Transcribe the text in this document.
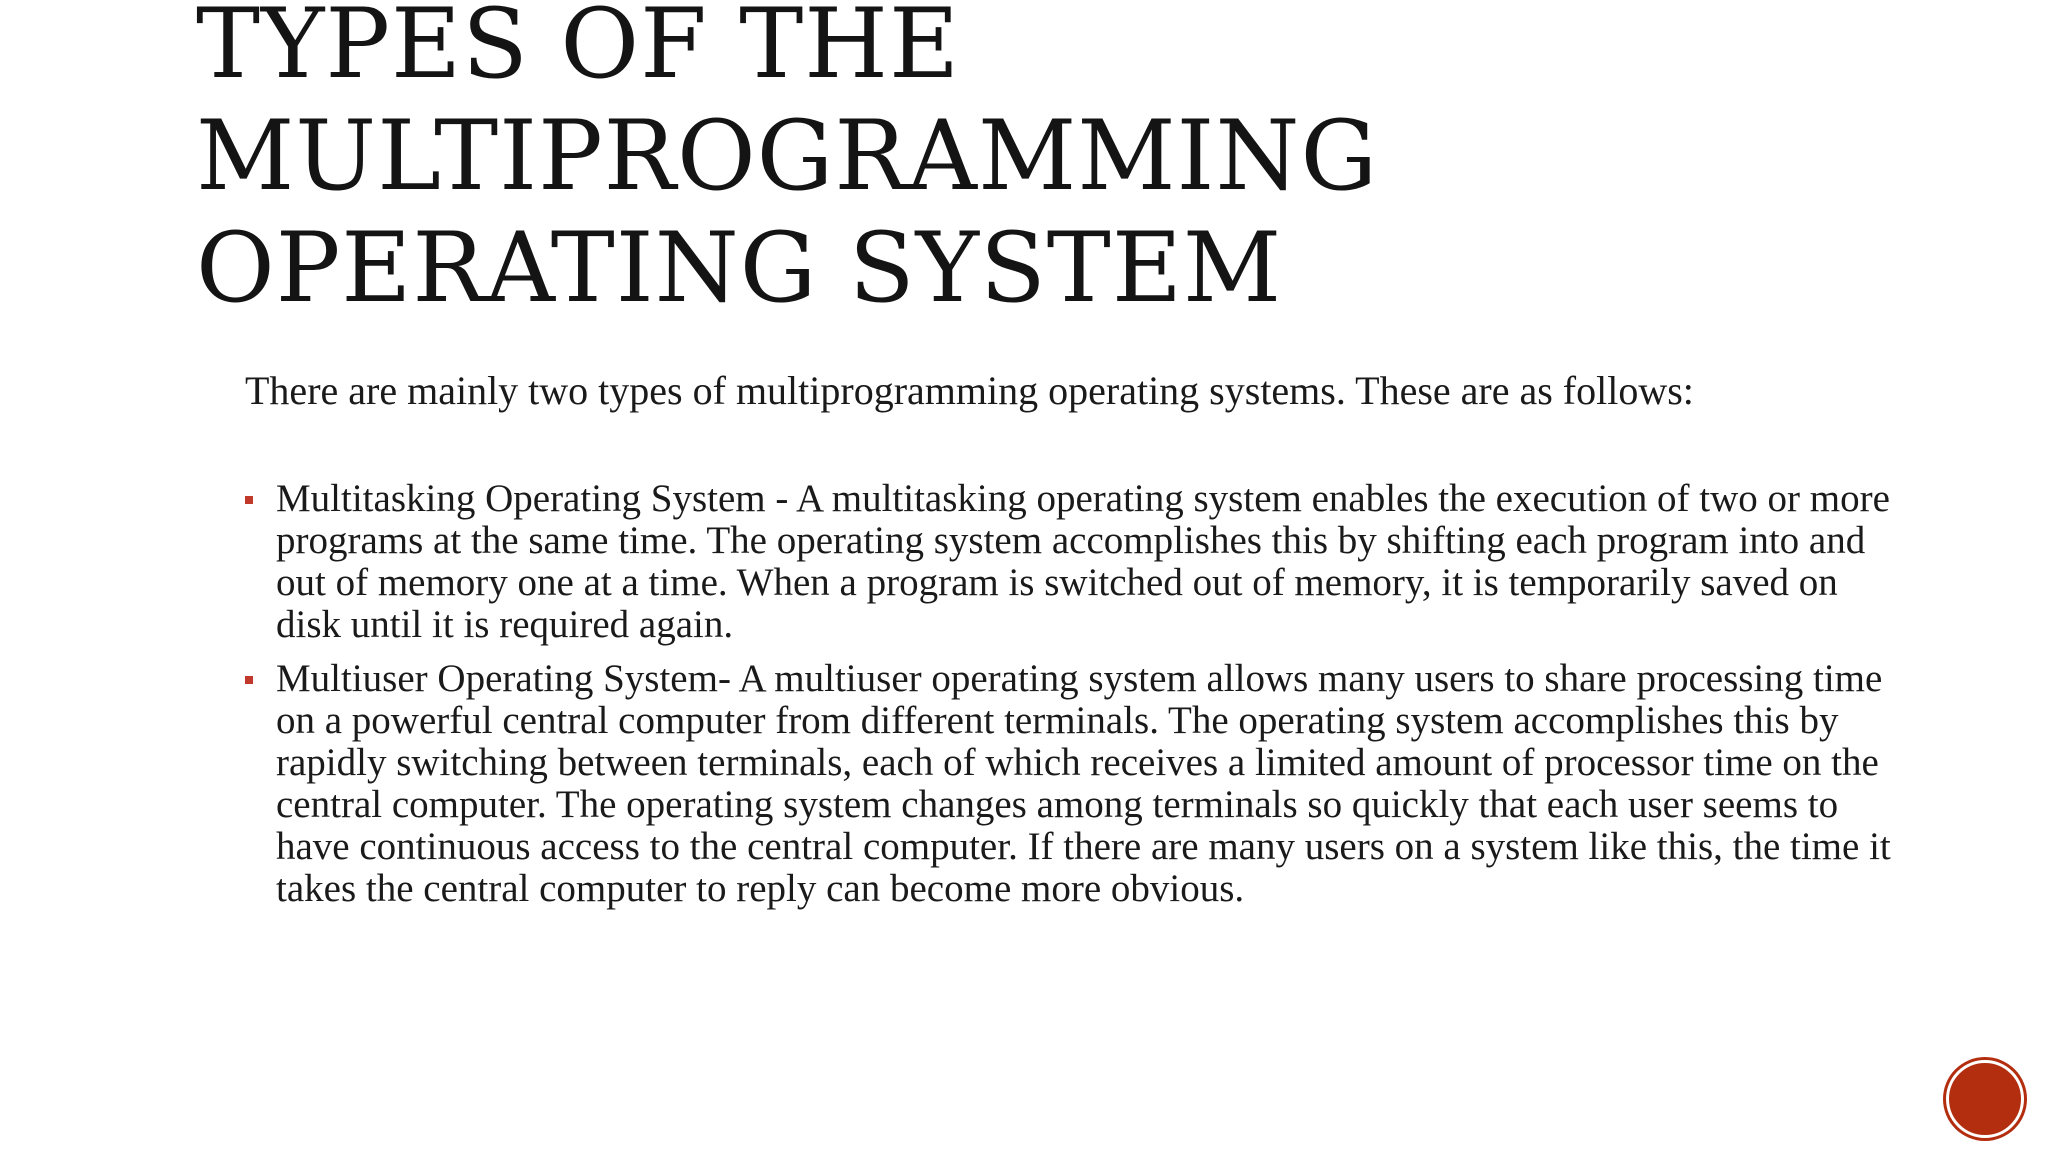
TYPES OF THE
MULTIPROGRAMMING
OPERATING SYSTEM

There are mainly two types of multiprogramming operating systems. These are as follows:

Multitasking Operating System - A multitasking operating system enables the execution of two or more programs at the same time. The operating system accomplishes this by shifting each program into and out of memory one at a time. When a program is switched out of memory, it is temporarily saved on disk until it is required again.
Multiuser Operating System- A multiuser operating system allows many users to share processing time on a powerful central computer from different terminals. The operating system accomplishes this by rapidly switching between terminals, each of which receives a limited amount of processor time on the central computer. The operating system changes among terminals so quickly that each user seems to have continuous access to the central computer. If there are many users on a system like this, the time it takes the central computer to reply can become more obvious.
